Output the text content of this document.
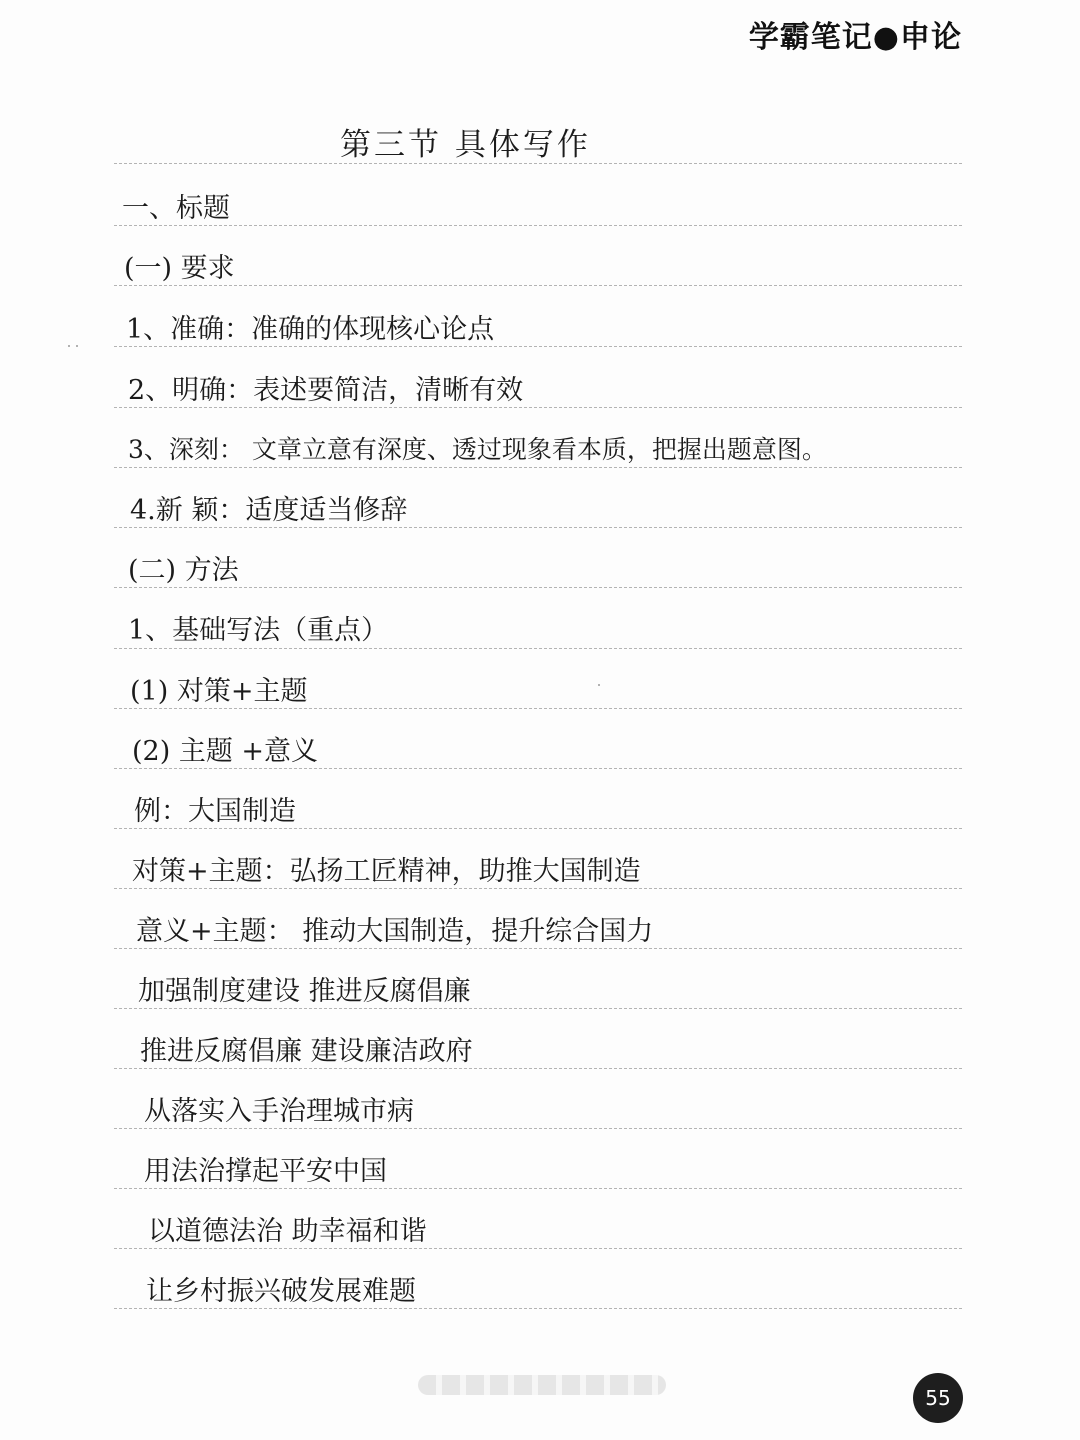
学霸笔记●申论
第三节 具体写作
一、标题
(一) 要求
1、准确：准确的体现核心论点
2、明确：表述要简洁，清晰有效
3、深刻： 文章立意有深度、透过现象看本质，把握出题意图。
4.新 颖：适度适当修辞
(二) 方法
1、基础写法（重点）
(1) 对策+主题
(2) 主题 +意义
例：大国制造
对策+主题：弘扬工匠精神，助推大国制造
意义+主题： 推动大国制造，提升综合国力
加强制度建设 推进反腐倡廉
推进反腐倡廉 建设廉洁政府
从落实入手治理城市病
用法治撑起平安中国
以道德法治 助幸福和谐
让乡村振兴破发展难题
55
